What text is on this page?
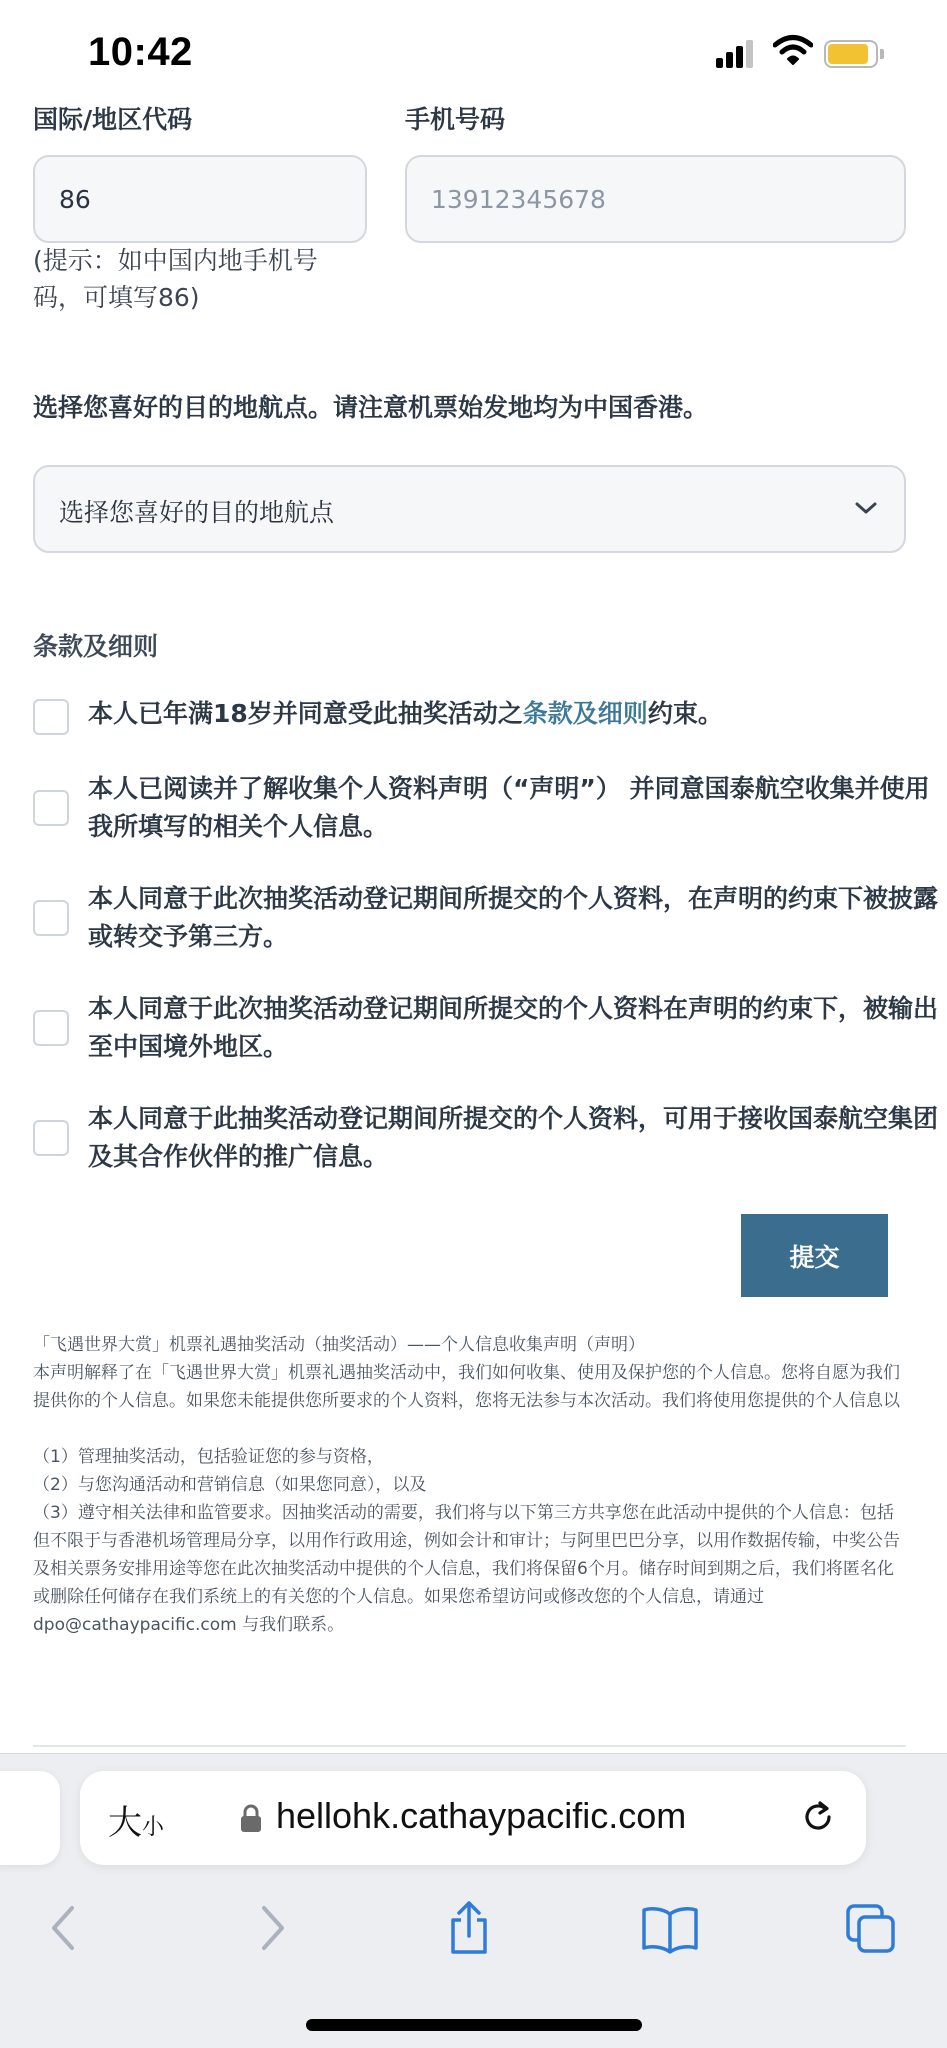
10:42
国际/地区代码	手机号码
86	13912345678
(提示：如中国内地手机号码，可填写86)
选择您喜好的目的地航点。请注意机票始发地均为中国香港。
选择您喜好的目的地航点
条款及细则
本人已年满18岁并同意受此抽奖活动之条款及细则约束。
本人已阅读并了解收集个人资料声明（“声明”） 并同意国泰航空收集并使用我所填写的相关个人信息。
本人同意于此次抽奖活动登记期间所提交的个人资料，在声明的约束下被披露或转交予第三方。
本人同意于此次抽奖活动登记期间所提交的个人资料在声明的约束下，被输出至中国境外地区。
本人同意于此抽奖活动登记期间所提交的个人资料，可用于接收国泰航空集团及其合作伙伴的推广信息。
提交

「飞遇世界大赏」机票礼遇抽奖活动（抽奖活动）——个人信息收集声明（声明）

本声明解释了在「飞遇世界大赏」机票礼遇抽奖活动中，我们如何收集、使用及保护您的个人信息。您将自愿为我们提供你的个人信息。如果您未能提供您所要求的个人资料，您将无法参与本次活动。我们将使用您提供的个人信息以

（1）管理抽奖活动，包括验证您的参与资格，

（2）与您沟通活动和营销信息（如果您同意），以及

（3）遵守相关法律和监管要求。因抽奖活动的需要，我们将与以下第三方共享您在此活动中提供的个人信息：包括但不限于与香港机场管理局分享，以用作行政用途，例如会计和审计；与阿里巴巴分享，以用作数据传输，中奖公告及相关票务安排用途等您在此次抽奖活动中提供的个人信息，我们将保留6个月。储存时间到期之后，我们将匿名化或删除任何储存在我们系统上的有关您的个人信息。如果您希望访问或修改您的个人信息，请通过 dpo@cathaypacific.com 与我们联系。

大小	hellohk.cathaypacific.com
